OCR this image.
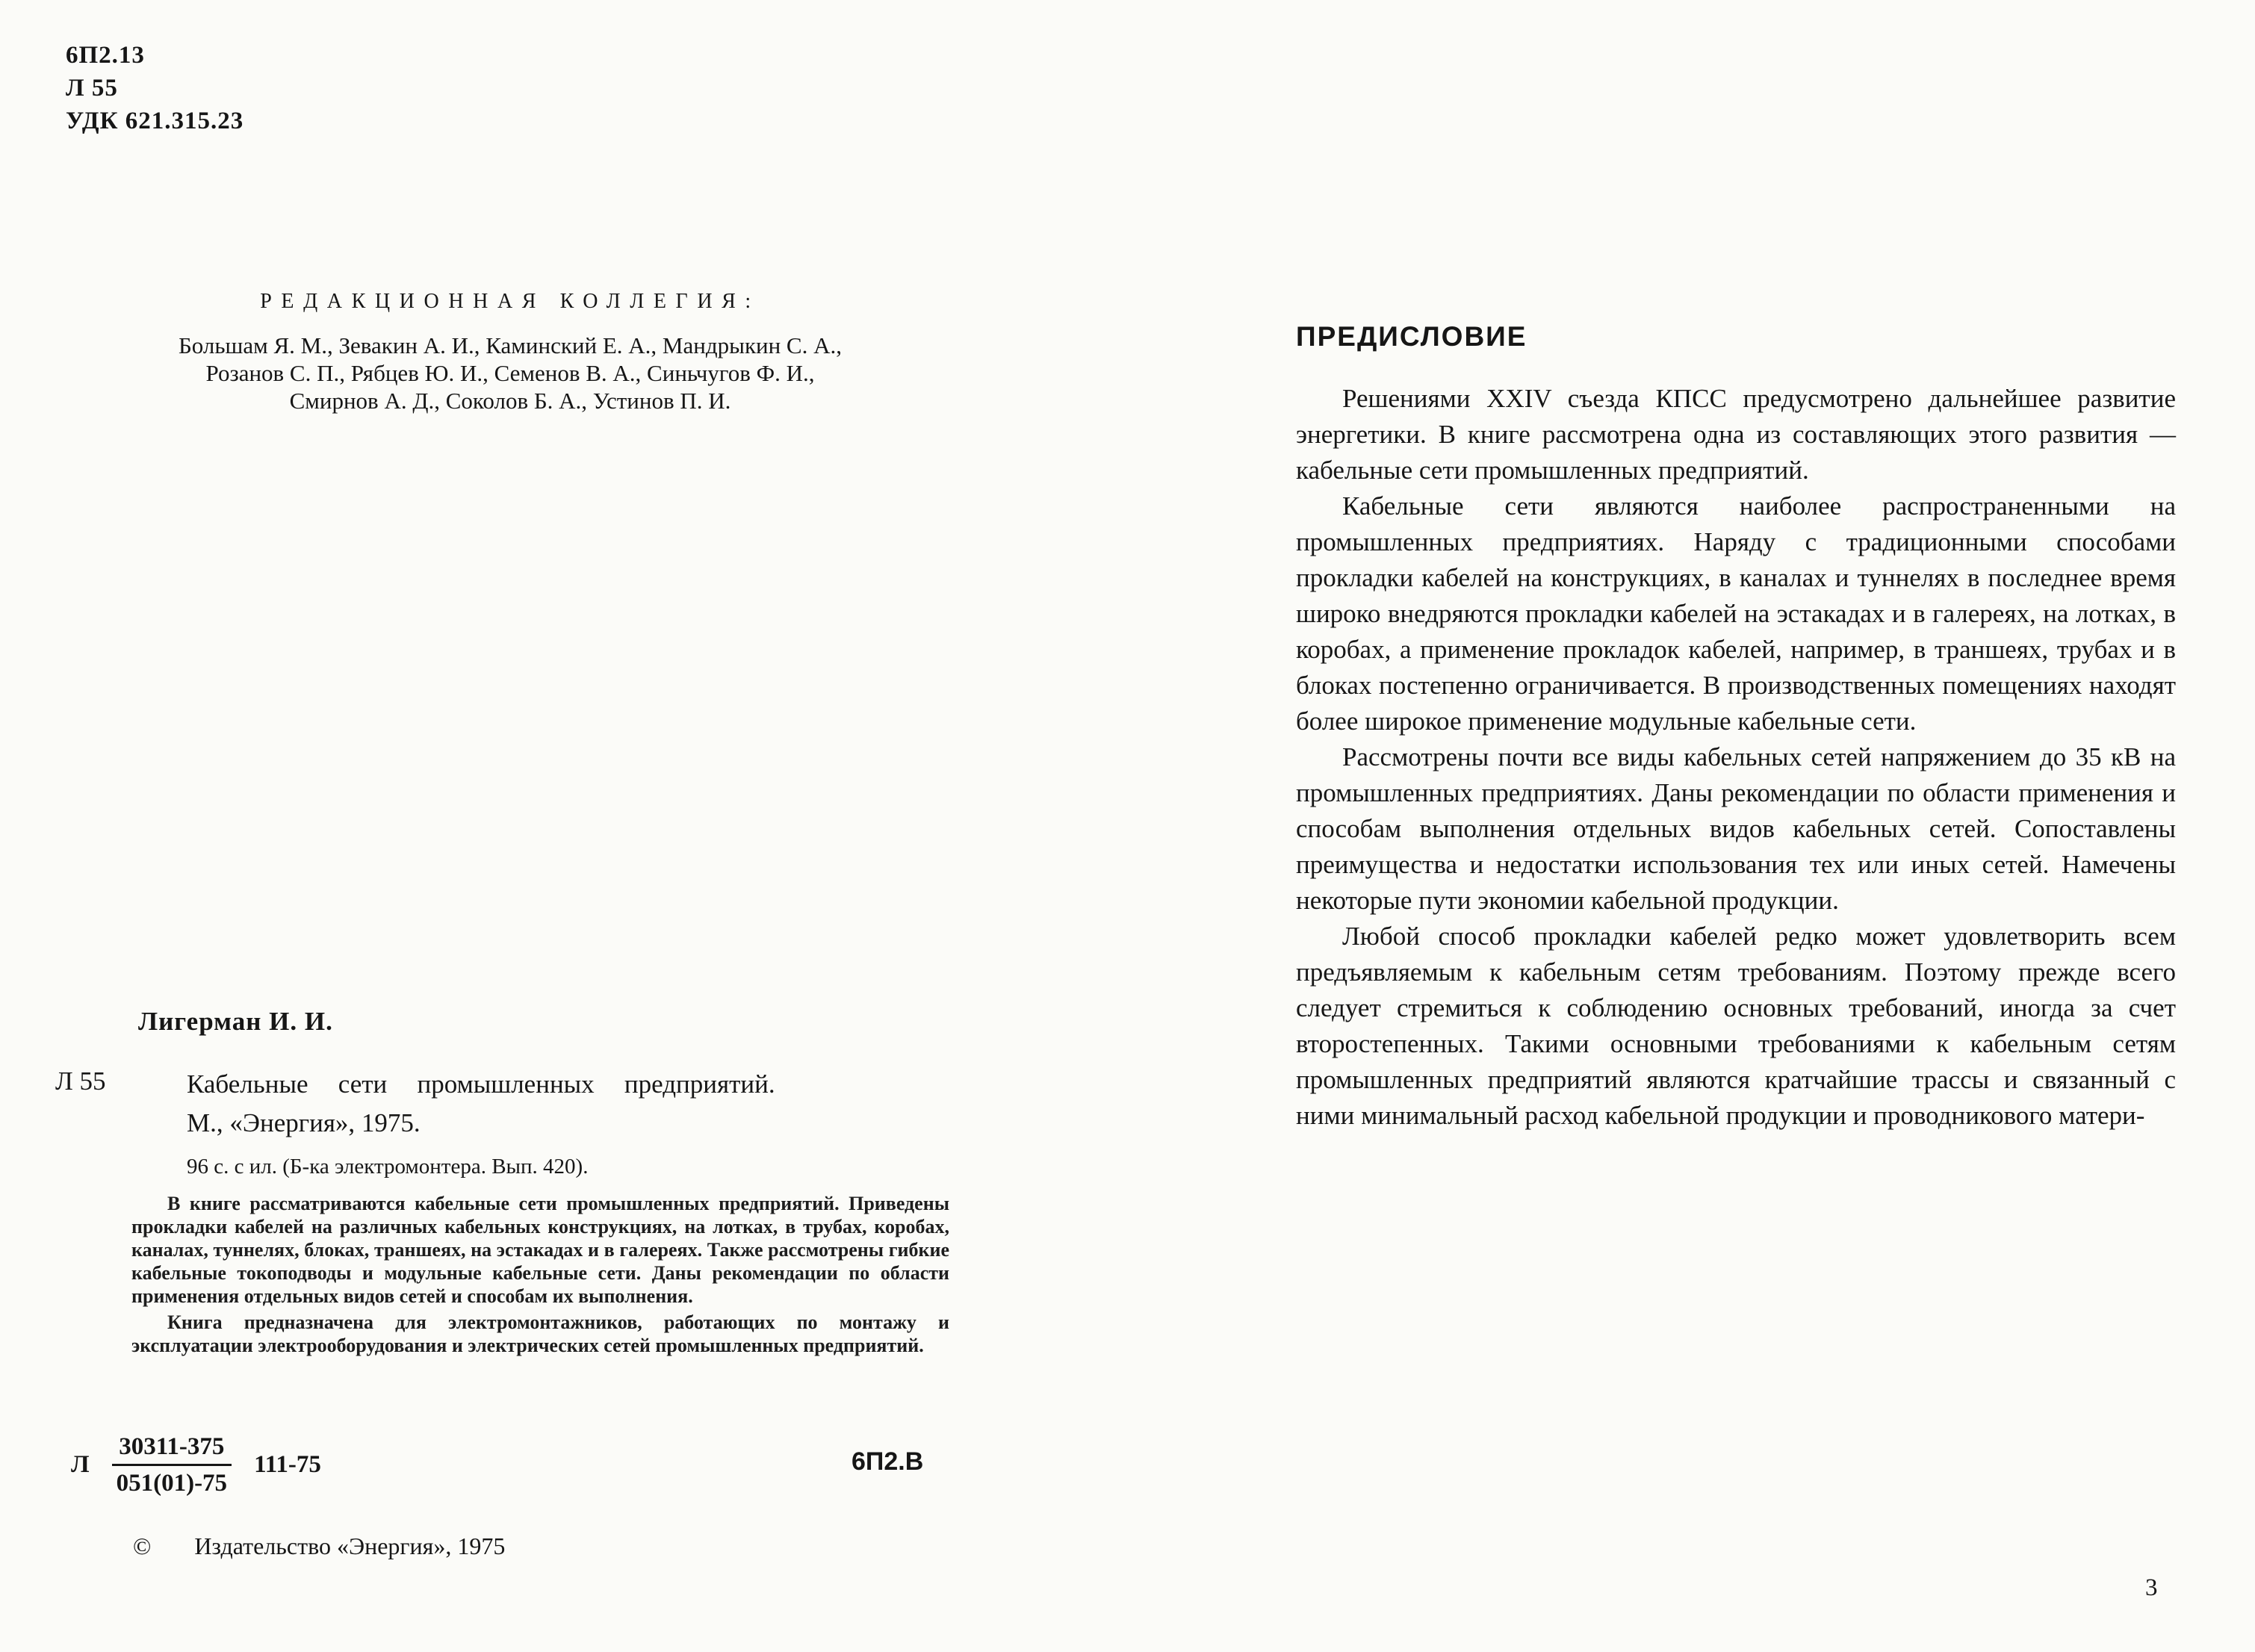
6П2.13
Л 55
УДК 621.315.23
РЕДАКЦИОННАЯ КОЛЛЕГИЯ:
Большам Я. М., Зевакин А. И., Каминский Е. А., Мандрыкин С. А.,
Розанов С. П., Рябцев Ю. И., Семенов В. А., Синьчугов Ф. И.,
Смирнов А. Д., Соколов Б. А., Устинов П. И.
Лигерман И. И.
Л 55	Кабельные сети промышленных предприятий.
М., «Энергия», 1975.
96 с. с ил. (Б-ка электромонтера. Вып. 420).

В книге рассматриваются кабельные сети промышленных предприятий. Приведены прокладки кабелей на различных кабельных конструкциях, на лотках, в трубах, коробах, каналах, туннелях, блоках, траншеях, на эстакадах и в галереях. Также рассмотрены гибкие кабельные токоподводы и модульные кабельные сети. Даны рекомендации по области применения отдельных видов сетей и способам их выполнения.

Книга предназначена для электромонтажников, работающих по монтажу и эксплуатации электрооборудования и электрических сетей промышленных предприятий.

Л $\frac{30311-375}{051(01)-75} 111-75$	6П2.В
© Издательство «Энергия», 1975
ПРЕДИСЛОВИЕ

Решениями XXIV съезда КПСС предусмотрено дальнейшее развитие энергетики. В книге рассмотрена одна из составляющих этого развития — кабельные сети промышленных предприятий.

Кабельные сети являются наиболее распространенными на промышленных предприятиях. Наряду с традиционными способами прокладки кабелей на конструкциях, в каналах и туннелях в последнее время широко внедряются прокладки кабелей на эстакадах и в галереях, на лотках, в коробах, а применение прокладок кабелей, например, в траншеях, трубах и в блоках постепенно ограничивается. В производственных помещениях находят более широкое применение модульные кабельные сети.

Рассмотрены почти все виды кабельных сетей напряжением до 35 кВ на промышленных предприятиях. Даны рекомендации по области применения и способам выполнения отдельных видов кабельных сетей. Сопоставлены преимущества и недостатки использования тех или иных сетей. Намечены некоторые пути экономии кабельной продукции.

Любой способ прокладки кабелей редко может удовлетворить всем предъявляемым к кабельным сетям требованиям. Поэтому прежде всего следует стремиться к соблюдению основных требований, иногда за счет второстепенных. Такими основными требованиями к кабельным сетям промышленных предприятий являются кратчайшие трассы и связанный с ними минимальный расход кабельной продукции и проводникового матери-

3
